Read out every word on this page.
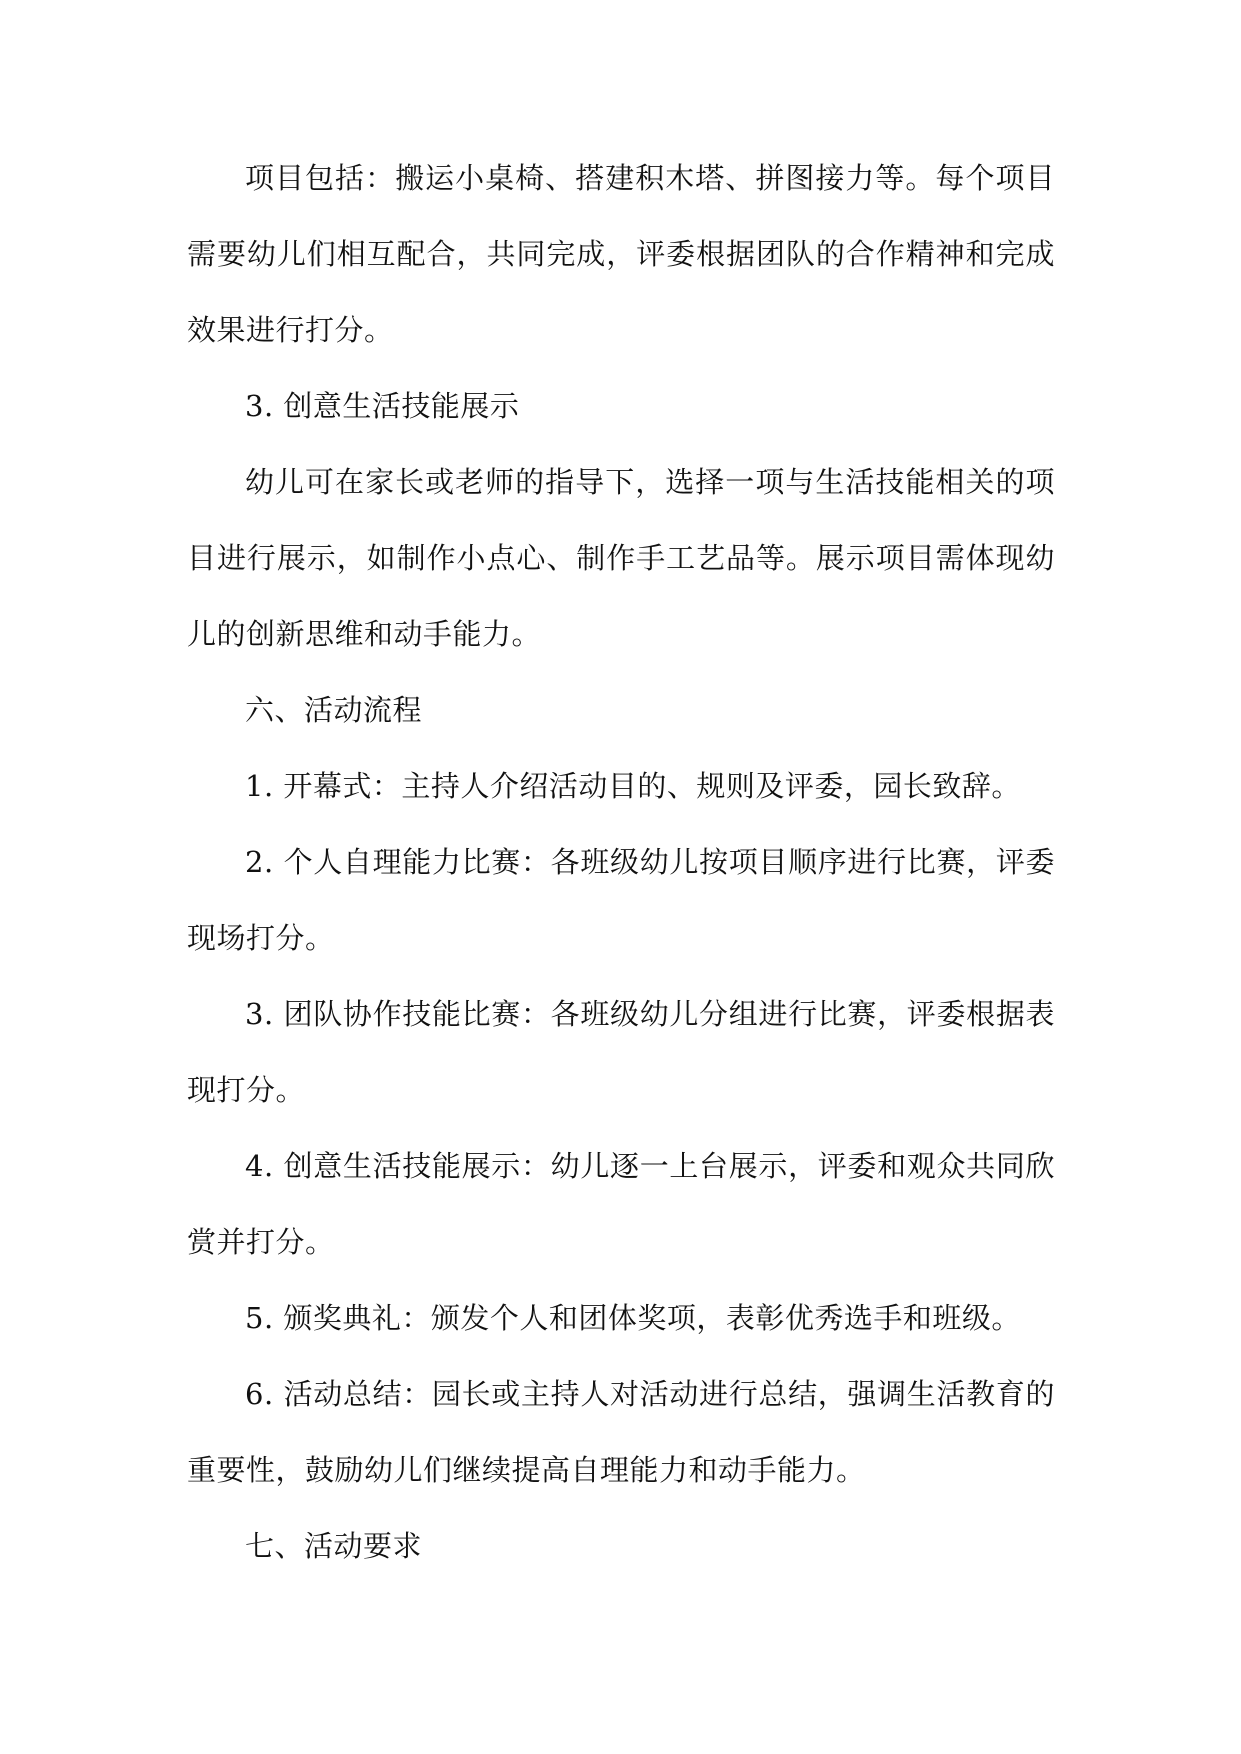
项目包括：搬运小桌椅、搭建积木塔、拼图接力等。每个项目需要幼儿们相互配合，共同完成，评委根据团队的合作精神和完成效果进行打分。

3. 创意生活技能展示

幼儿可在家长或老师的指导下，选择一项与生活技能相关的项目进行展示，如制作小点心、制作手工艺品等。展示项目需体现幼儿的创新思维和动手能力。

六、活动流程

1. 开幕式：主持人介绍活动目的、规则及评委，园长致辞。

2. 个人自理能力比赛：各班级幼儿按项目顺序进行比赛，评委现场打分。

3. 团队协作技能比赛：各班级幼儿分组进行比赛，评委根据表现打分。

4. 创意生活技能展示：幼儿逐一上台展示，评委和观众共同欣赏并打分。

5. 颁奖典礼：颁发个人和团体奖项，表彰优秀选手和班级。

6. 活动总结：园长或主持人对活动进行总结，强调生活教育的重要性，鼓励幼儿们继续提高自理能力和动手能力。

七、活动要求
